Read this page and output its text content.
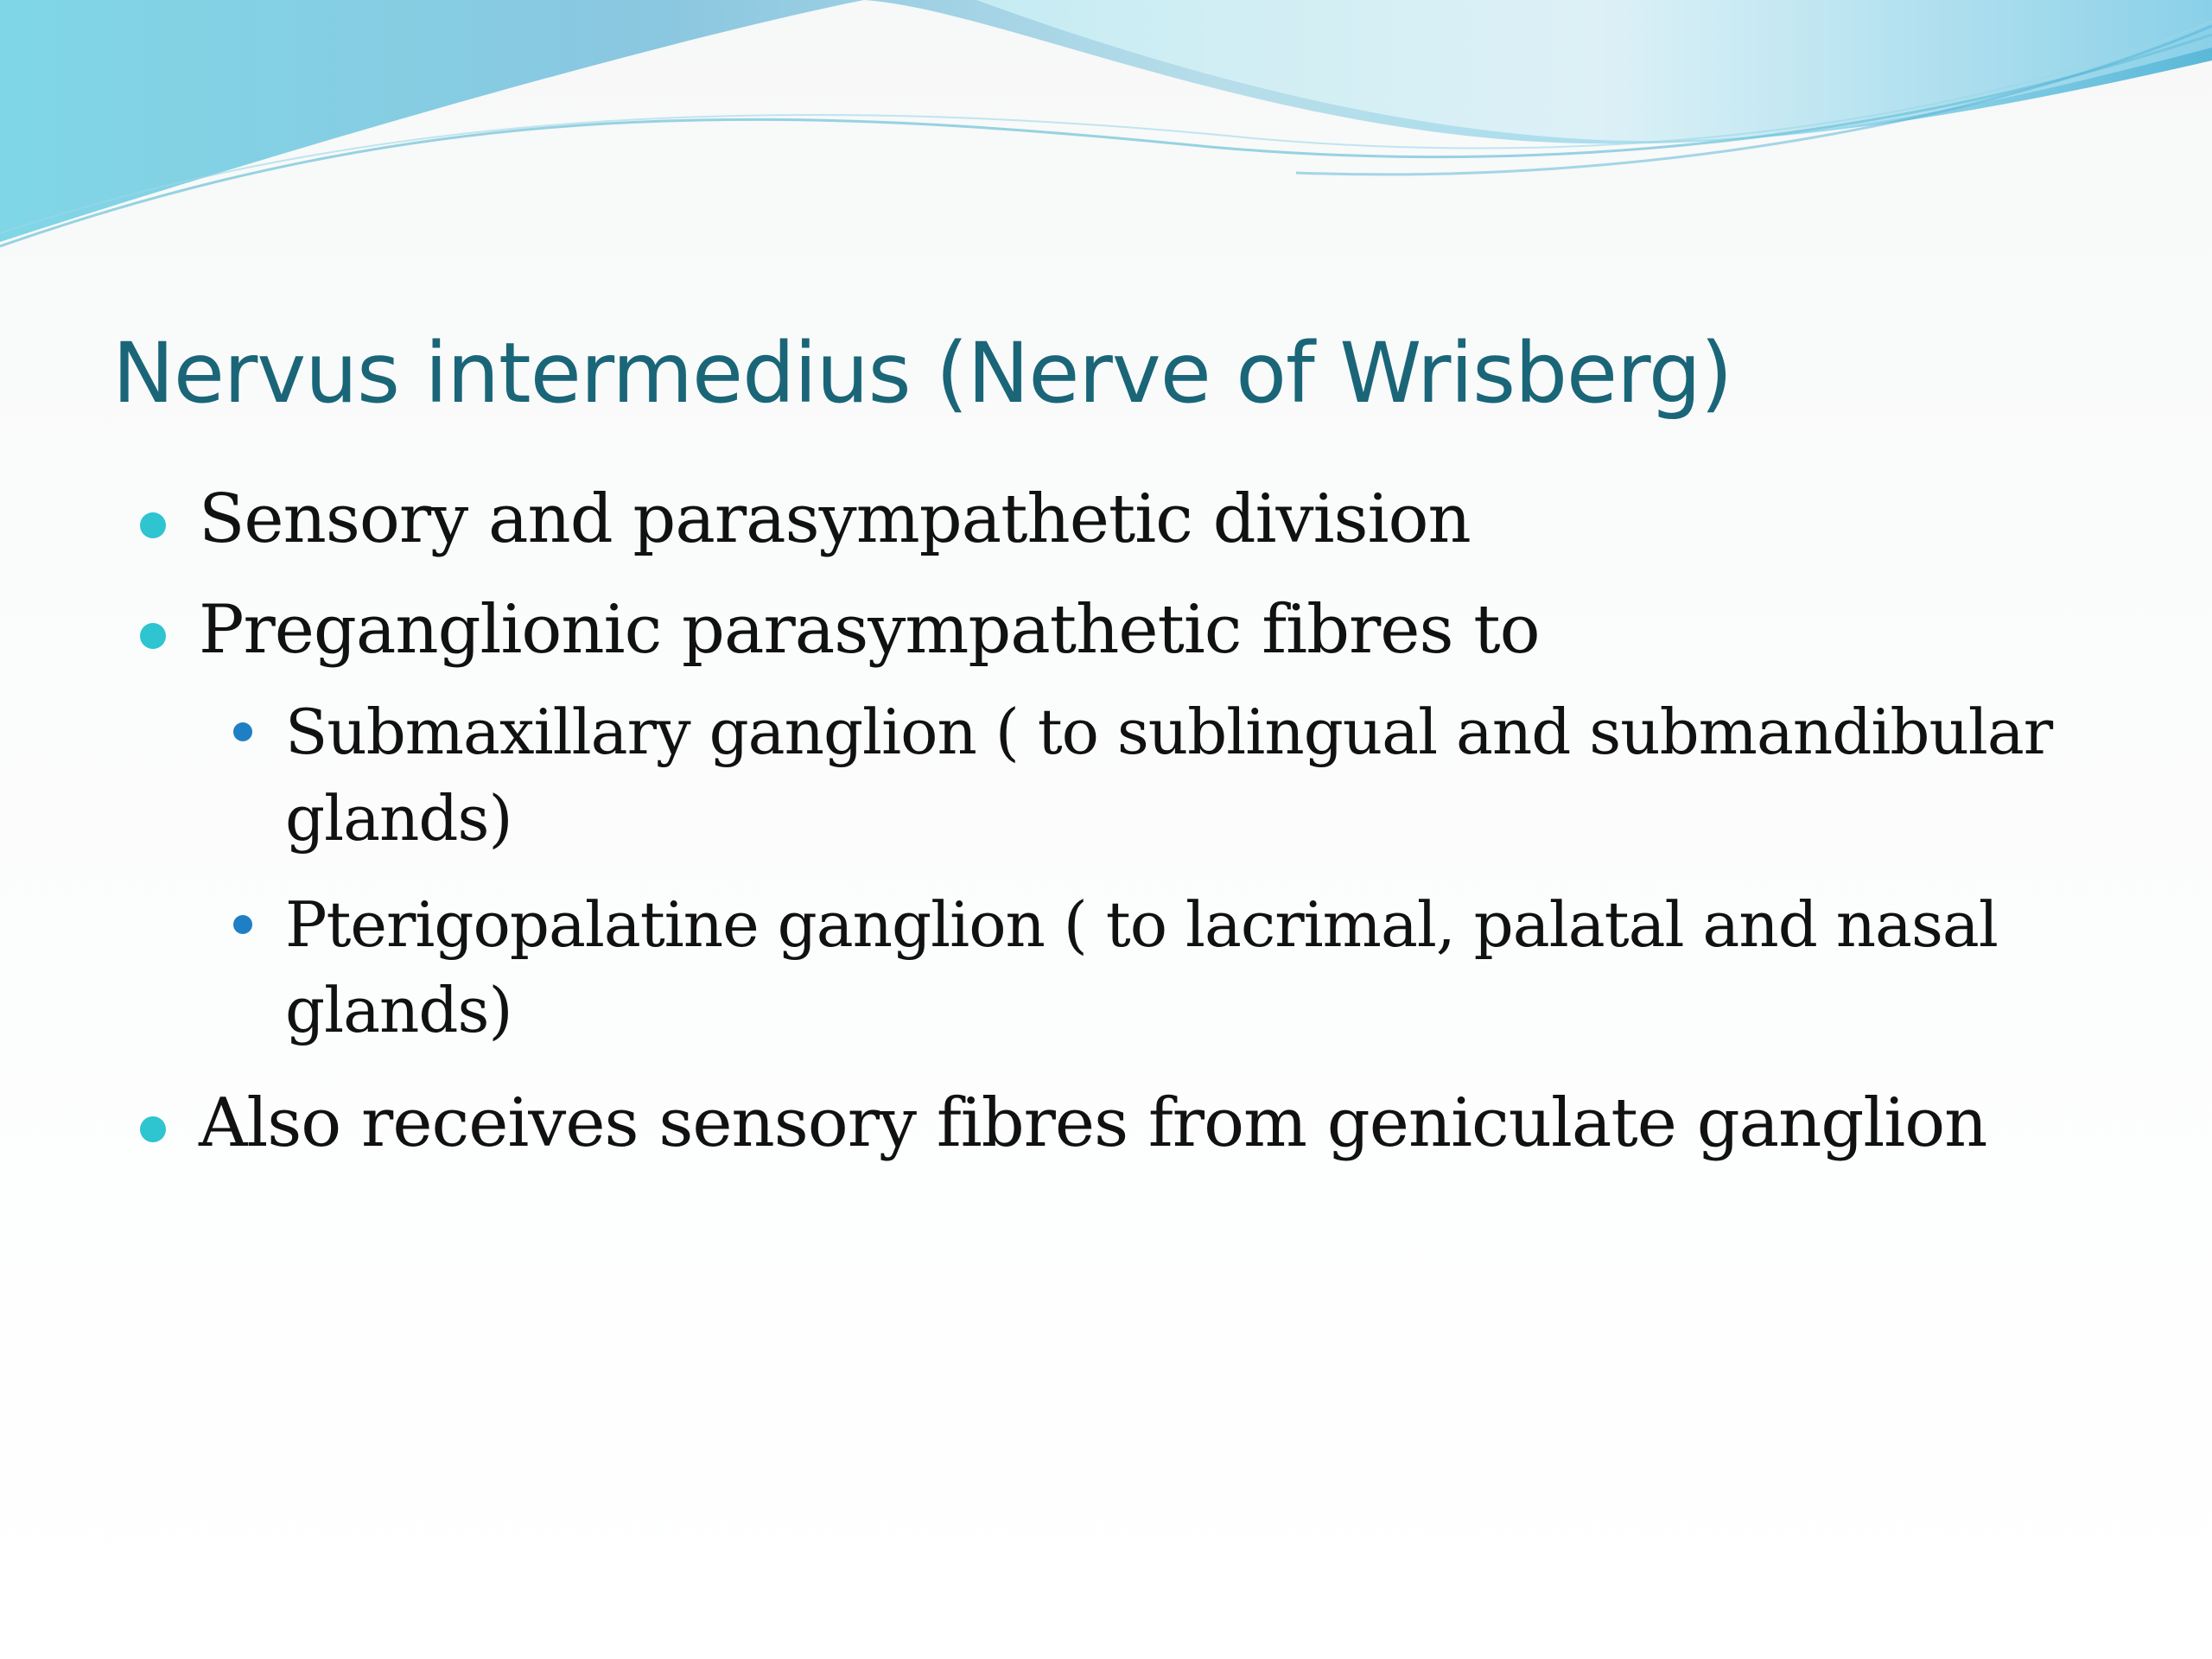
Nervus intermedius (Nerve of Wrisberg)
Sensory and parasympathetic division
Preganglionic parasympathetic fibres to
Submaxillary ganglion ( to sublingual and submandibular glands)
Pterigopalatine ganglion ( to lacrimal, palatal and nasal glands)
Also receives sensory fibres from geniculate ganglion
